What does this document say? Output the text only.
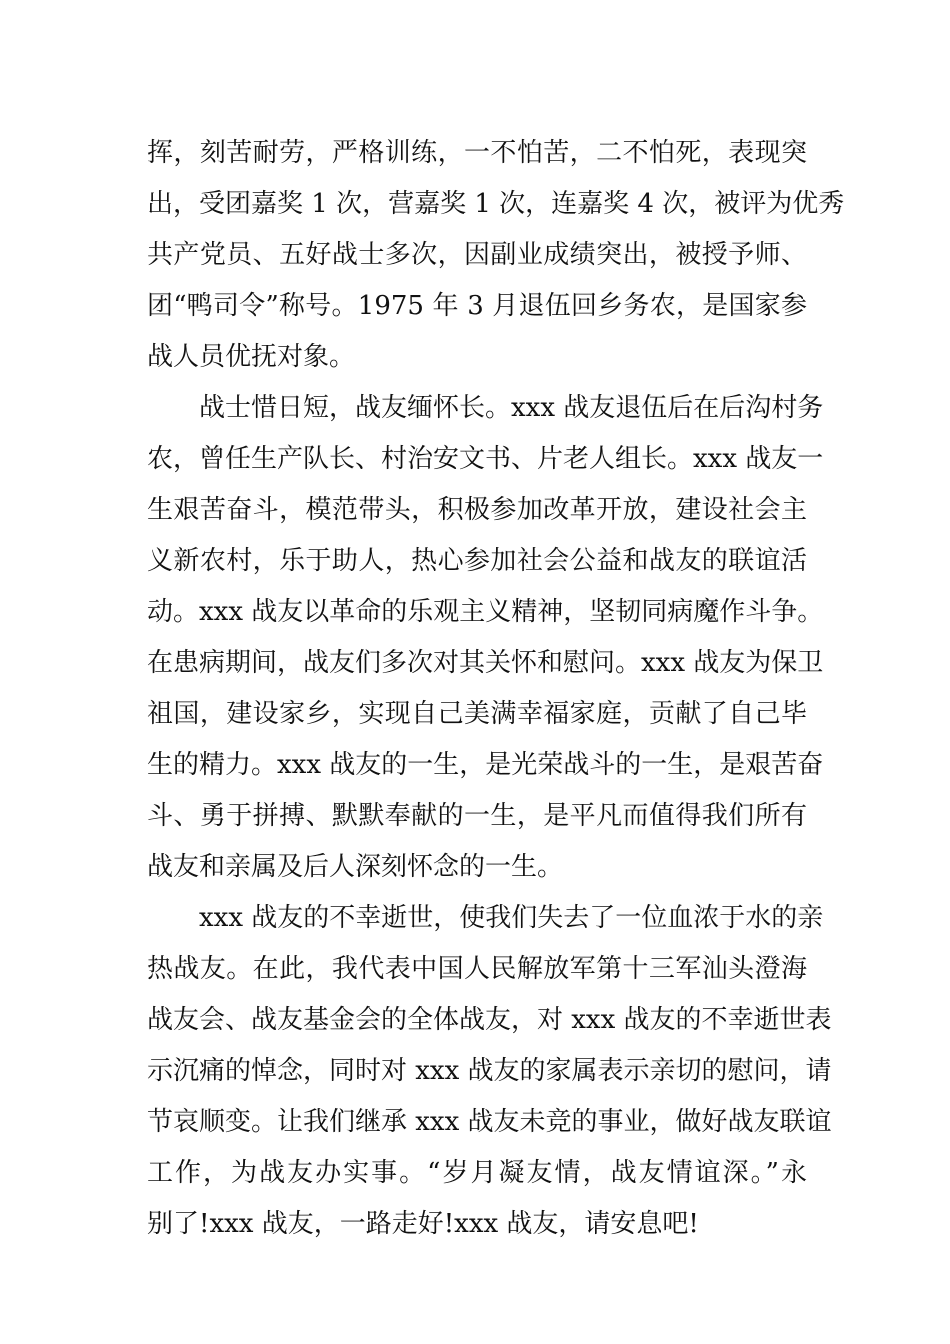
挥，刻苦耐劳，严格训练，一不怕苦，二不怕死，表现突
出，受团嘉奖 1 次，营嘉奖 1 次，连嘉奖 4 次，被评为优秀
共产党员、五好战士多次，因副业成绩突出，被授予师、
团“鸭司令”称号。1975 年 3 月退伍回乡务农，是国家参
战人员优抚对象。
战士惜日短，战友缅怀长。xxx 战友退伍后在后沟村务
农，曾任生产队长、村治安文书、片老人组长。xxx 战友一
生艰苦奋斗，模范带头，积极参加改革开放，建设社会主
义新农村，乐于助人，热心参加社会公益和战友的联谊活
动。xxx 战友以革命的乐观主义精神，坚韧同病魔作斗争。
在患病期间，战友们多次对其关怀和慰问。xxx 战友为保卫
祖国，建设家乡，实现自己美满幸福家庭，贡献了自己毕
生的精力。xxx 战友的一生，是光荣战斗的一生，是艰苦奋
斗、勇于拼搏、默默奉献的一生，是平凡而值得我们所有
战友和亲属及后人深刻怀念的一生。
xxx 战友的不幸逝世，使我们失去了一位血浓于水的亲
热战友。在此，我代表中国人民解放军第十三军汕头澄海
战友会、战友基金会的全体战友，对 xxx 战友的不幸逝世表
示沉痛的悼念，同时对 xxx 战友的家属表示亲切的慰问，请
节哀顺变。让我们继承 xxx 战友未竞的事业，做好战友联谊
工作，为战友办实事。“岁月凝友情，战友情谊深。”永
别了!xxx 战友，一路走好!xxx 战友，请安息吧!
